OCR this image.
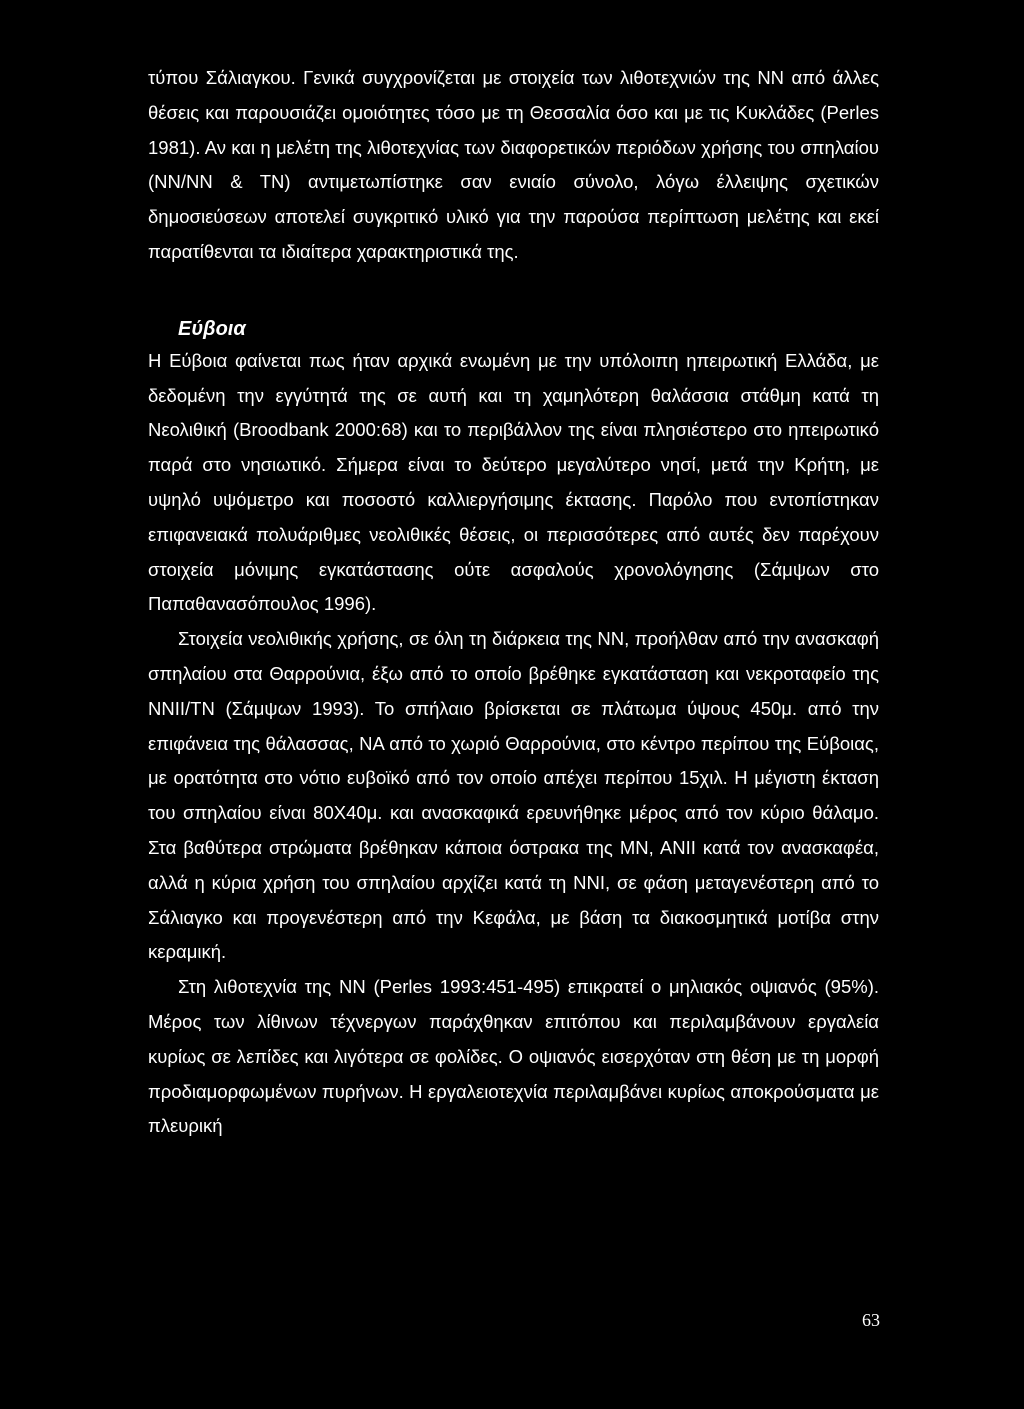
τύπου Σάλιαγκου. Γενικά συγχρονίζεται με στοιχεία των λιθοτεχνιών της ΝΝ από άλλες θέσεις και παρουσιάζει ομοιότητες τόσο με τη Θεσσαλία όσο και με τις Κυκλάδες (Perles 1981). Αν και η μελέτη της λιθοτεχνίας των διαφορετικών περιόδων χρήσης του σπηλαίου (ΝΝ/ΝΝ & ΤΝ) αντιμετωπίστηκε σαν ενιαίο σύνολο, λόγω έλλειψης σχετικών δημοσιεύσεων αποτελεί συγκριτικό υλικό για την παρούσα περίπτωση μελέτης και εκεί παρατίθενται τα ιδιαίτερα χαρακτηριστικά της.

Εύβοια

Η Εύβοια φαίνεται πως ήταν αρχικά ενωμένη με την υπόλοιπη ηπειρωτική Ελλάδα, με δεδομένη την εγγύτητά της σε αυτή και τη χαμηλότερη θαλάσσια στάθμη κατά τη Νεολιθική (Broodbank 2000:68) και το περιβάλλον της είναι πλησιέστερο στο ηπειρωτικό παρά στο νησιωτικό. Σήμερα είναι το δεύτερο μεγαλύτερο νησί, μετά την Κρήτη, με υψηλό υψόμετρο και ποσοστό καλλιεργήσιμης έκτασης. Παρόλο που εντοπίστηκαν επιφανειακά πολυάριθμες νεολιθικές θέσεις, οι περισσότερες από αυτές δεν παρέχουν στοιχεία μόνιμης εγκατάστασης ούτε ασφαλούς χρονολόγησης (Σάμψων στο Παπαθανασόπουλος 1996).

Στοιχεία νεολιθικής χρήσης, σε όλη τη διάρκεια της ΝΝ, προήλθαν από την ανασκαφή σπηλαίου στα Θαρρούνια, έξω από το οποίο βρέθηκε εγκατάσταση και νεκροταφείο της ΝΝΙΙ/ΤΝ (Σάμψων 1993). Το σπήλαιο βρίσκεται σε πλάτωμα ύψους 450μ. από την επιφάνεια της θάλασσας, ΝΑ από το χωριό Θαρρούνια, στο κέντρο περίπου της Εύβοιας, με ορατότητα στο νότιο ευβοϊκό από τον οποίο απέχει περίπου 15χιλ. Η μέγιστη έκταση του σπηλαίου είναι 80Χ40μ. και ανασκαφικά ερευνήθηκε μέρος από τον κύριο θάλαμο. Στα βαθύτερα στρώματα βρέθηκαν κάποια όστρακα της ΜΝ, ΑΝΙΙ κατά τον ανασκαφέα, αλλά η κύρια χρήση του σπηλαίου αρχίζει κατά τη ΝΝΙ, σε φάση μεταγενέστερη από το Σάλιαγκο και προγενέστερη από την Κεφάλα, με βάση τα διακοσμητικά μοτίβα στην κεραμική.

Στη λιθοτεχνία της ΝΝ (Perles 1993:451-495) επικρατεί ο μηλιακός οψιανός (95%). Μέρος των λίθινων τέχνεργων παράχθηκαν επιτόπου και περιλαμβάνουν εργαλεία κυρίως σε λεπίδες και λιγότερα σε φολίδες. Ο οψιανός εισερχόταν στη θέση με τη μορφή προδιαμορφωμένων πυρήνων. Η εργαλειοτεχνία περιλαμβάνει κυρίως αποκρούσματα με πλευρική

63
